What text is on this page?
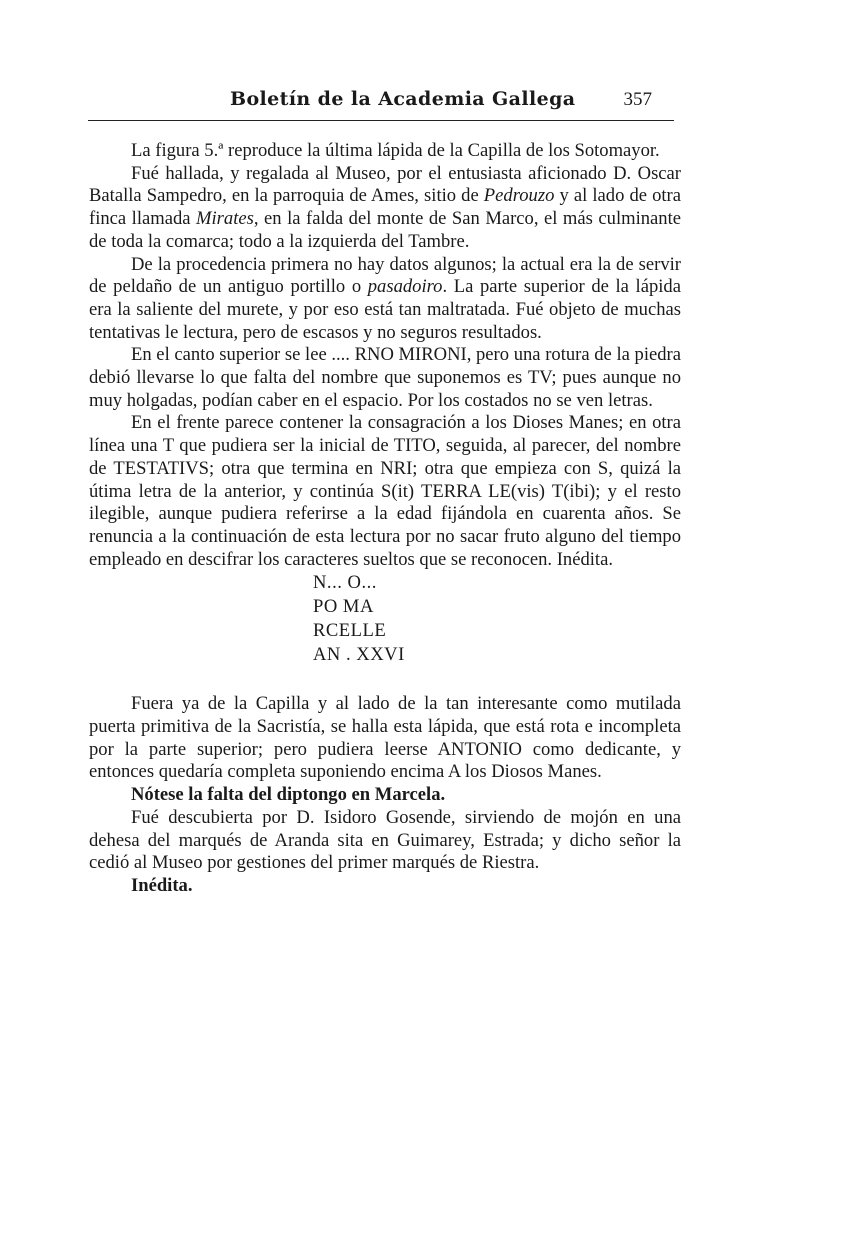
Boletín de la Academia Gallega	357

La figura 5.ª reproduce la última lápida de la Capilla de los Sotomayor.

Fué hallada, y regalada al Museo, por el entusiasta aficionado D. Oscar Batalla Sampedro, en la parroquia de Ames, sitio de Pedrouzo y al lado de otra finca llamada Mirates, en la falda del monte de San Marco, el más culminante de toda la comarca; todo a la izquierda del Tambre.

De la procedencia primera no hay datos algunos; la actual era la de servir de peldaño de un antiguo portillo o pasadoiro. La parte superior de la lápida era la saliente del murete, y por eso está tan maltratada. Fué objeto de muchas tentativas le lectura, pero de escasos y no seguros resultados.

En el canto superior se lee .... RNO MIRONI, pero una rotura de la piedra debió llevarse lo que falta del nombre que suponemos es TV; pues aunque no muy holgadas, podían caber en el espacio. Por los costados no se ven letras.

En el frente parece contener la consagración a los Dioses Manes; en otra línea una T que pudiera ser la inicial de TITO, seguida, al parecer, del nombre de TESTATIVS; otra que termina en NRI; otra que empieza con S, quizá la útima letra de la anterior, y continúa S(it) TERRA LE(vis) T(ibi); y el resto ilegible, aunque pudiera referirse a la edad fijándola en cuarenta años. Se renuncia a la continuación de esta lectura por no sacar fruto alguno del tiempo empleado en descifrar los caracteres sueltos que se reconocen. Inédita.

N... O...
PO MA
RCELLE
AN . XXVI

Fuera ya de la Capilla y al lado de la tan interesante como mutilada puerta primitiva de la Sacristía, se halla esta lápida, que está rota e incompleta por la parte superior; pero pudiera leerse ANTONIO como dedicante, y entonces quedaría completa suponiendo encima A los Diosos Manes.

Nótese la falta del diptongo en Marcela.

Fué descubierta por D. Isidoro Gosende, sirviendo de mojón en una dehesa del marqués de Aranda sita en Guimarey, Estrada; y dicho señor la cedió al Museo por gestiones del primer marqués de Riestra.

Inédita.
